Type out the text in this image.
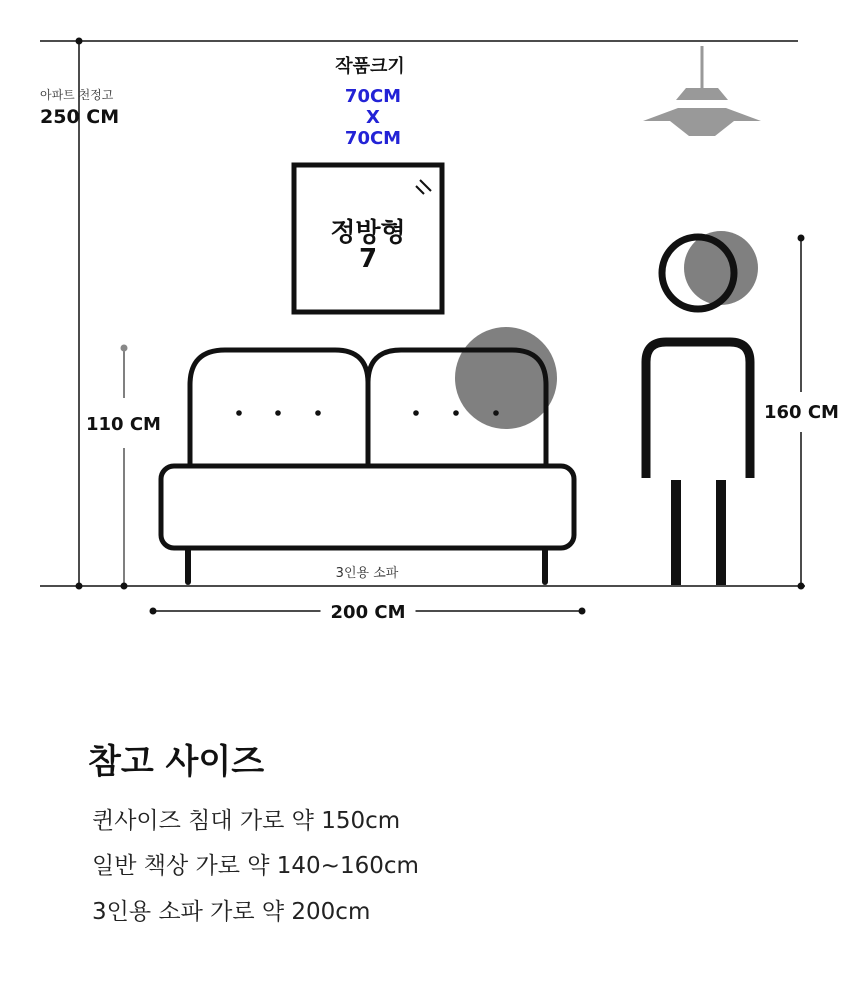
아파트 천정고
250 CM
작품크기
70CM
X
70CM
정방형
7
110 CM
160 CM
3인용 소파
200 CM
참고 사이즈
퀸사이즈 침대 가로 약 150cm
일반 책상 가로 약 140~160cm
3인용 소파 가로 약 200cm
